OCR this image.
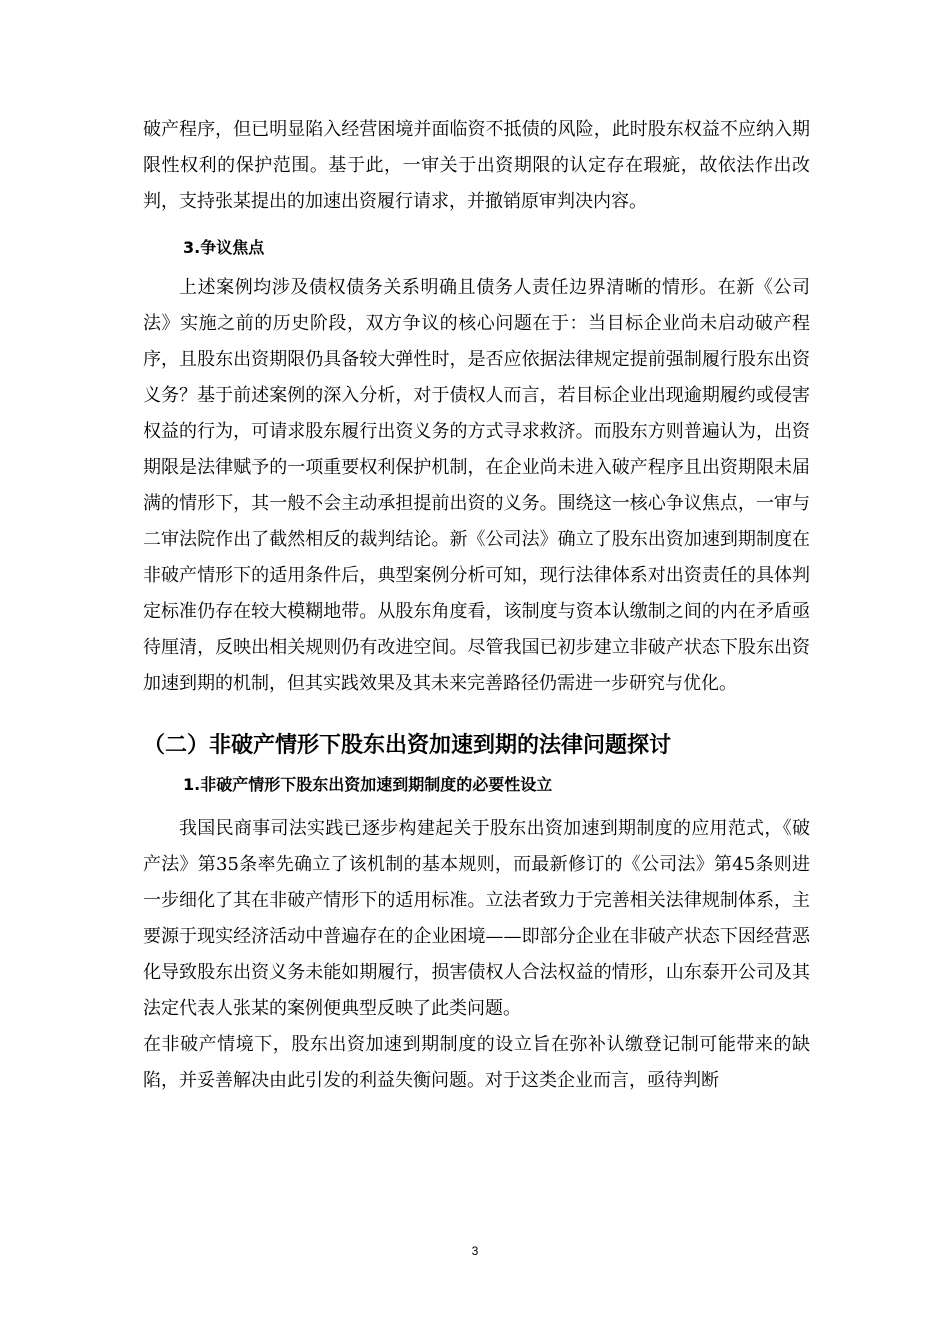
破产程序，但已明显陷入经营困境并面临资不抵债的风险，此时股东权益不应纳入期限性权利的保护范围。基于此，一审关于出资期限的认定存在瑕疵，故依法作出改判，支持张某提出的加速出资履行请求，并撤销原审判决内容。

3.争议焦点

上述案例均涉及债权债务关系明确且债务人责任边界清晰的情形。在新《公司法》实施之前的历史阶段，双方争议的核心问题在于：当目标企业尚未启动破产程序，且股东出资期限仍具备较大弹性时，是否应依据法律规定提前强制履行股东出资义务？基于前述案例的深入分析，对于债权人而言，若目标企业出现逾期履约或侵害权益的行为，可请求股东履行出资义务的方式寻求救济。而股东方则普遍认为，出资期限是法律赋予的一项重要权利保护机制，在企业尚未进入破产程序且出资期限未届满的情形下，其一般不会主动承担提前出资的义务。围绕这一核心争议焦点，一审与二审法院作出了截然相反的裁判结论。新《公司法》确立了股东出资加速到期制度在非破产情形下的适用条件后，典型案例分析可知，现行法律体系对出资责任的具体判定标准仍存在较大模糊地带。从股东角度看，该制度与资本认缴制之间的内在矛盾亟待厘清，反映出相关规则仍有改进空间。尽管我国已初步建立非破产状态下股东出资加速到期的机制，但其实践效果及其未来完善路径仍需进一步研究与优化。

（二）非破产情形下股东出资加速到期的法律问题探讨
1.非破产情形下股东出资加速到期制度的必要性设立

我国民商事司法实践已逐步构建起关于股东出资加速到期制度的应用范式，《破产法》第35条率先确立了该机制的基本规则，而最新修订的《公司法》第45条则进一步细化了其在非破产情形下的适用标准。立法者致力于完善相关法律规制体系，主要源于现实经济活动中普遍存在的企业困境——即部分企业在非破产状态下因经营恶化导致股东出资义务未能如期履行，损害债权人合法权益的情形，山东泰开公司及其法定代表人张某的案例便典型反映了此类问题。

在非破产情境下，股东出资加速到期制度的设立旨在弥补认缴登记制可能带来的缺陷，并妥善解决由此引发的利益失衡问题。对于这类企业而言，亟待判断

3
